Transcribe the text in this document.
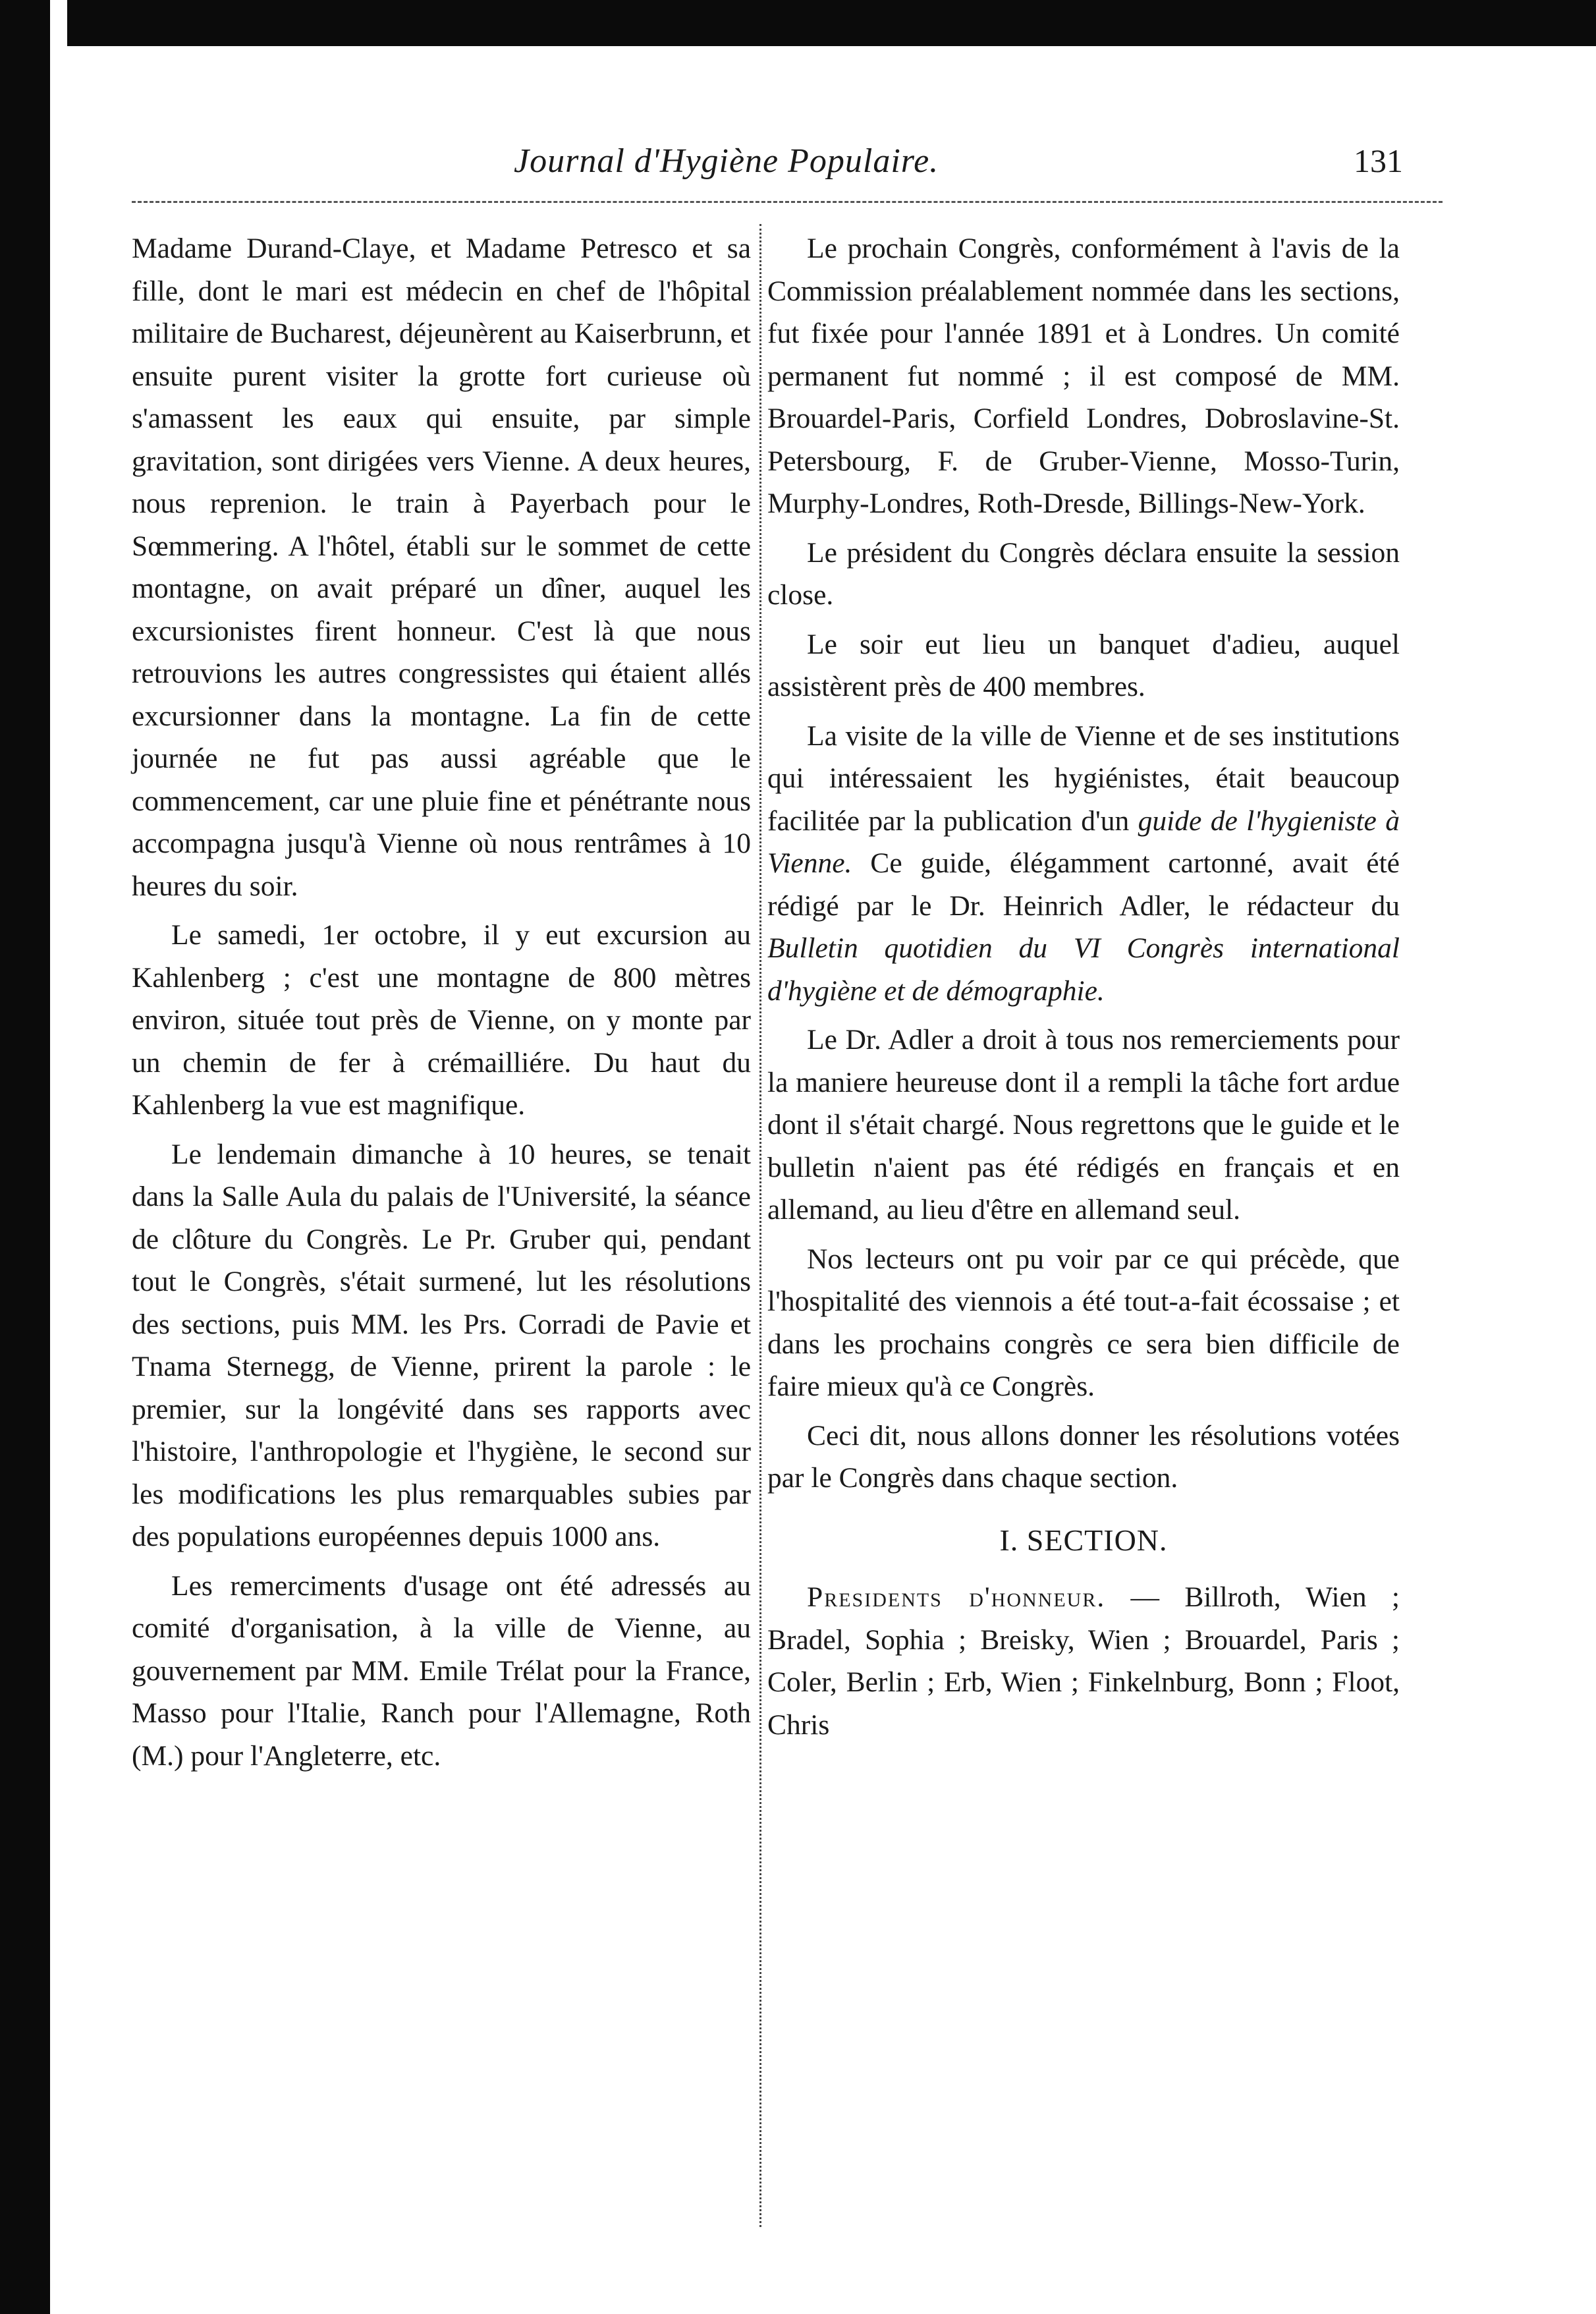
Journal d'Hygiène Populaire.	131

Madame Durand-Claye, et Madame Petresco et sa fille, dont le mari est médecin en chef de l'hôpital militaire de Bucharest, déjeunèrent au Kaiserbrunn, et ensuite purent visiter la grotte fort curieuse où s'amassent les eaux qui ensuite, par simple gravitation, sont dirigées vers Vienne. A deux heures, nous reprenion. le train à Payerbach pour le Sœmmering. A l'hôtel, établi sur le sommet de cette montagne, on avait préparé un dîner, auquel les excursionistes firent honneur. C'est là que nous retrouvions les autres congressistes qui étaient allés excursionner dans la montagne. La fin de cette journée ne fut pas aussi agréable que le commencement, car une pluie fine et pénétrante nous accompagna jusqu'à Vienne où nous rentrâmes à 10 heures du soir.

Le samedi, 1er octobre, il y eut excursion au Kahlenberg ; c'est une montagne de 800 mètres environ, située tout près de Vienne, on y monte par un chemin de fer à crémailliére. Du haut du Kahlenberg la vue est magnifique.

Le lendemain dimanche à 10 heures, se tenait dans la Salle Aula du palais de l'Université, la séance de clôture du Congrès. Le Pr. Gruber qui, pendant tout le Congrès, s'était surmené, lut les résolutions des sections, puis MM. les Prs. Corradi de Pavie et Tnama Sternegg, de Vienne, prirent la parole : le premier, sur la longévité dans ses rapports avec l'histoire, l'anthropologie et l'hygiène, le second sur les modifications les plus remarquables subies par des populations européennes depuis 1000 ans.

Les remerciments d'usage ont été adressés au comité d'organisation, à la ville de Vienne, au gouvernement par MM. Emile Trélat pour la France, Masso pour l'Italie, Ranch pour l'Allemagne, Roth (M.) pour l'Angleterre, etc.

Le prochain Congrès, conformément à l'avis de la Commission préalablement nommée dans les sections, fut fixée pour l'année 1891 et à Londres. Un comité permanent fut nommé ; il est composé de MM. Brouardel-Paris, Corfield Londres, Dobroslavine-St. Petersbourg, F. de Gruber-Vienne, Mosso-Turin, Murphy-Londres, Roth-Dresde, Billings-New-York.

Le président du Congrès déclara ensuite la session close.

Le soir eut lieu un banquet d'adieu, auquel assistèrent près de 400 membres.

La visite de la ville de Vienne et de ses institutions qui intéressaient les hygiénistes, était beaucoup facilitée par la publication d'un guide de l'hygieniste à Vienne. Ce guide, élégamment cartonné, avait été rédigé par le Dr. Heinrich Adler, le rédacteur du Bulletin quotidien du VI Congrès international d'hygiène et de démographie.

Le Dr. Adler a droit à tous nos remerciements pour la maniere heureuse dont il a rempli la tâche fort ardue dont il s'était chargé. Nous regrettons que le guide et le bulletin n'aient pas été rédigés en français et en allemand, au lieu d'être en allemand seul.

Nos lecteurs ont pu voir par ce qui précède, que l'hospitalité des viennois a été tout-a-fait écossaise ; et dans les prochains congrès ce sera bien difficile de faire mieux qu'à ce Congrès.

Ceci dit, nous allons donner les résolutions votées par le Congrès dans chaque section.

I. SECTION.

Presidents d'honneur. — Billroth, Wien ; Bradel, Sophia ; Breisky, Wien ; Brouardel, Paris ; Coler, Berlin ; Erb, Wien ; Finkelnburg, Bonn ; Floot, Chris
